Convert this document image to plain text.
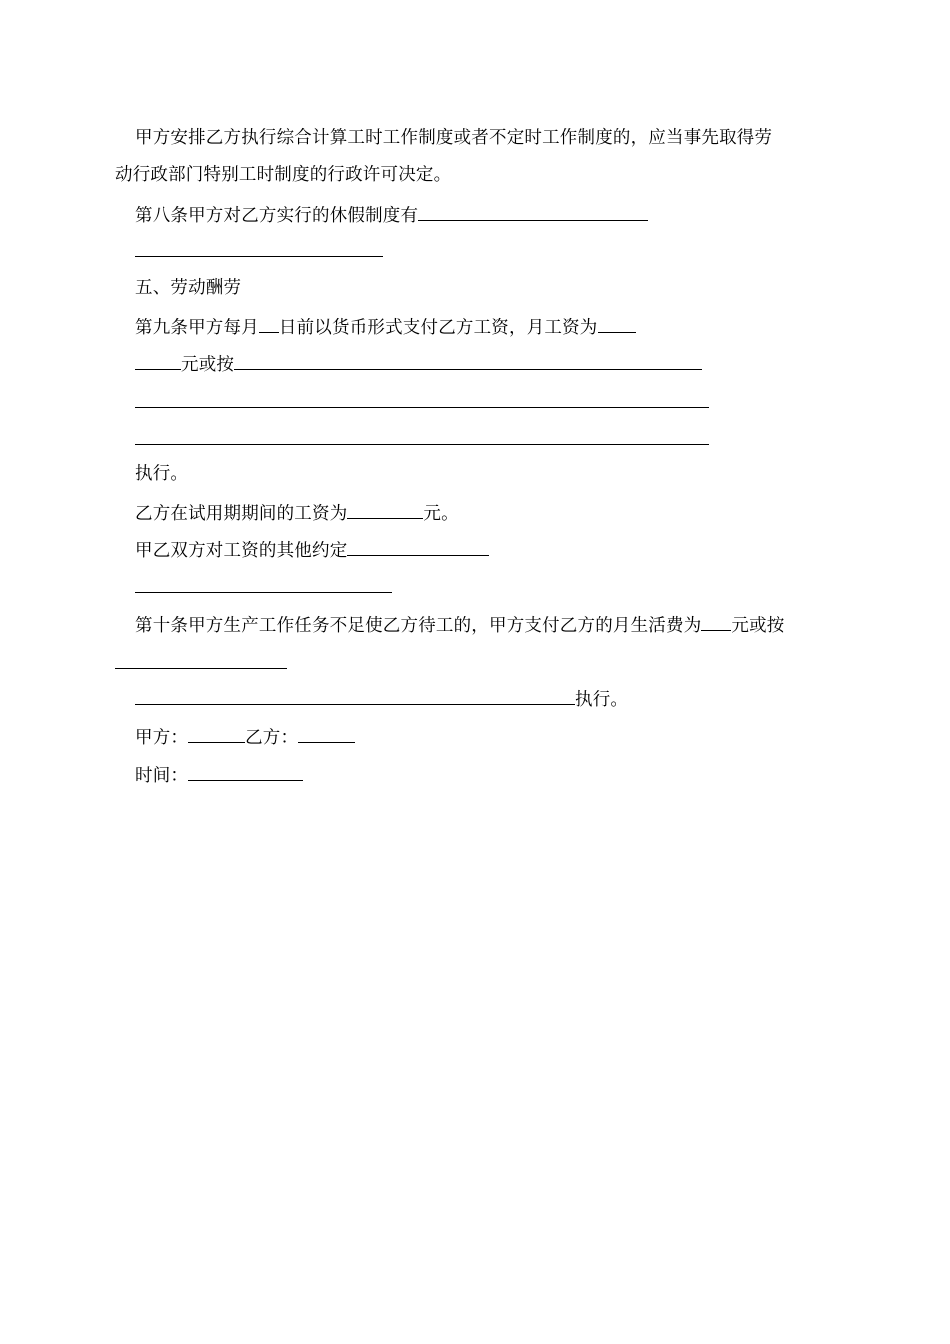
甲方安排乙方执行综合计算工时工作制度或者不定时工作制度的，应当事先取得劳
动行政部门特别工时制度的行政许可决定。
第八条甲方对乙方实行的休假制度有
五、劳动酬劳
第九条甲方每月 日前以货币形式支付乙方工资，月工资为
元或按
执行。
乙方在试用期期间的工资为	元。
甲乙双方对工资的其他约定
第十条甲方生产工作任务不足使乙方待工的，甲方支付乙方的月生活费为 元或按
执行。
甲方：	乙方：
时间：
